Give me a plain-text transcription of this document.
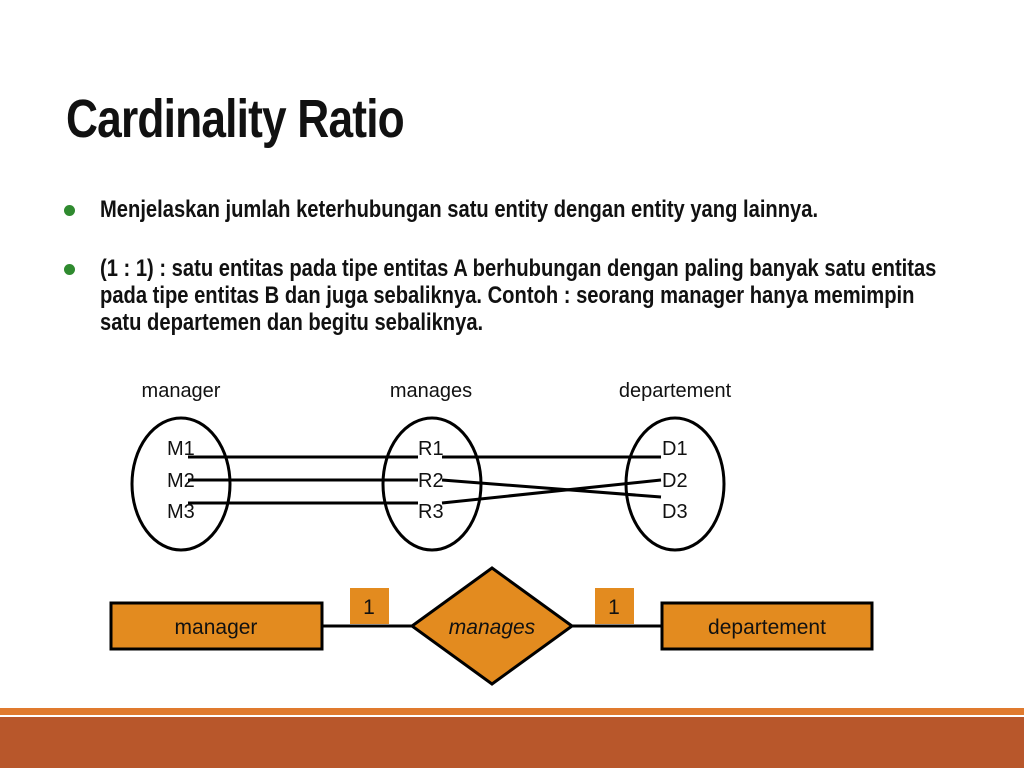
Cardinality Ratio
Menjelaskan jumlah keterhubungan satu entity dengan entity yang lainnya.
(1 : 1) : satu entitas pada tipe entitas A berhubungan dengan paling banyak satu entitas pada tipe entitas B dan juga sebaliknya. Contoh : seorang manager hanya memimpin satu departemen dan begitu sebaliknya.
manager	manages	departement
M1
M2
M3
R1
R2
R3
D1
D2
D3
1	1
manager	manages	departement
